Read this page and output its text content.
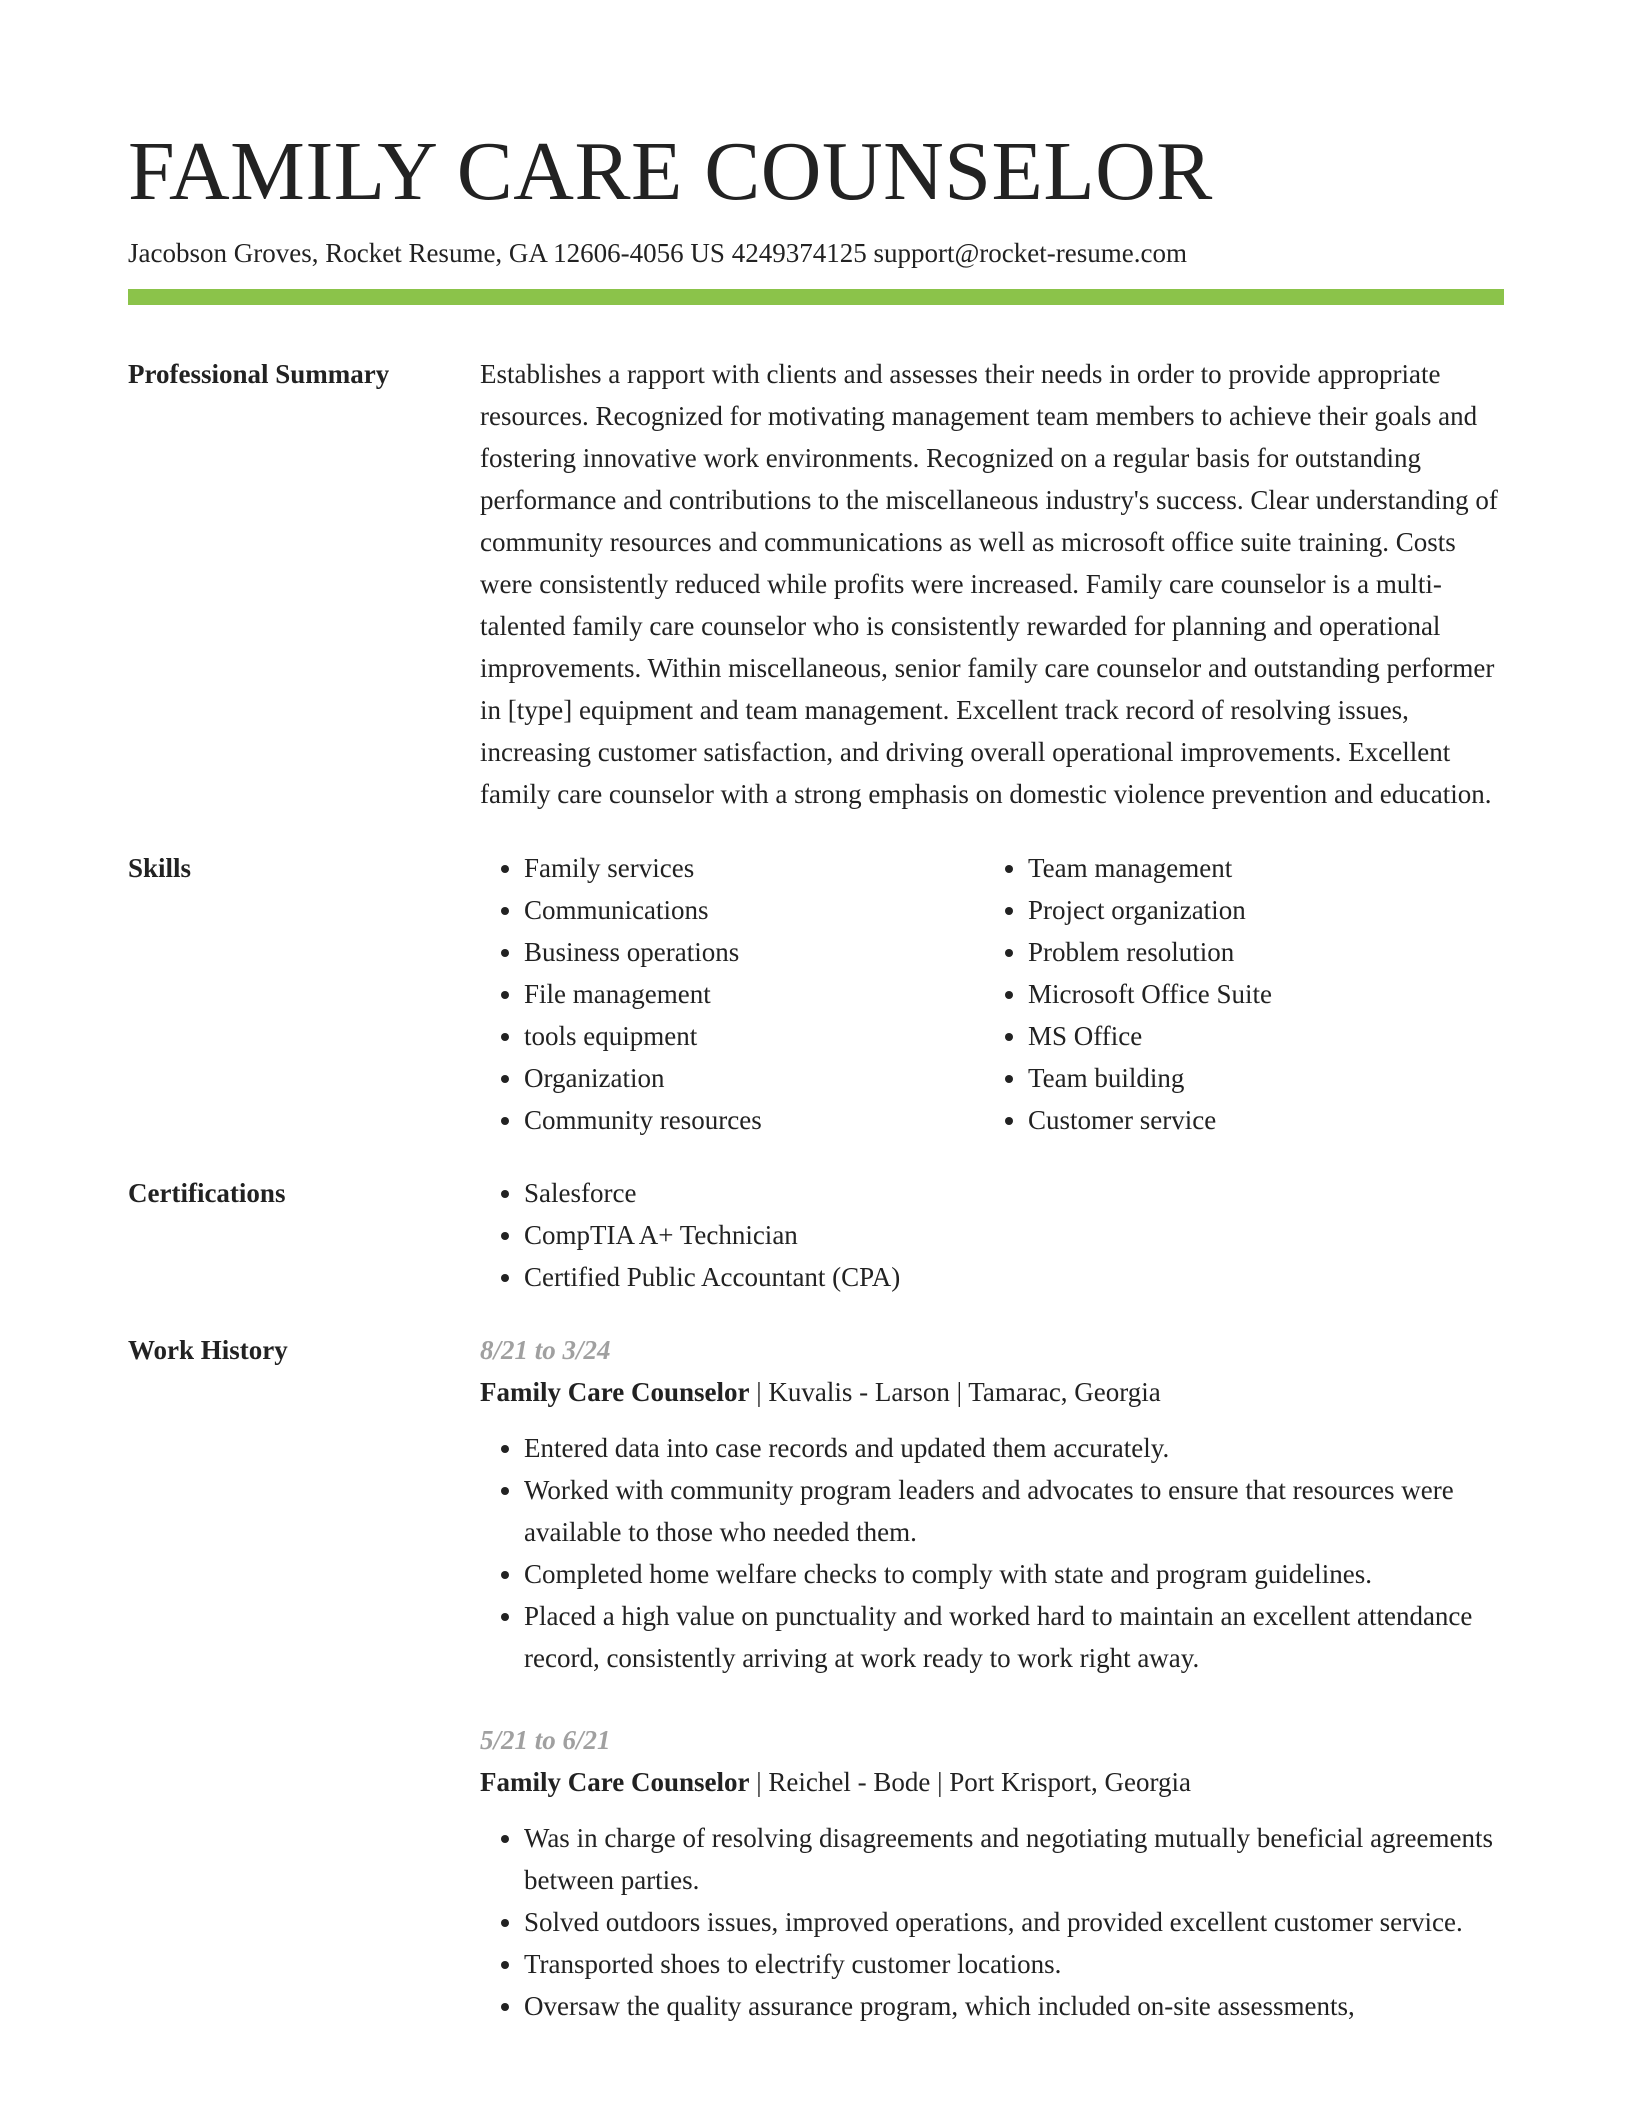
FAMILY CARE COUNSELOR
Jacobson Groves, Rocket Resume, GA 12606-4056 US 4249374125 support@rocket-resume.com
Professional Summary	Establishes a rapport with clients and assesses their needs in order to provide appropriate resources. Recognized for motivating management team members to achieve their goals and fostering innovative work environments. Recognized on a regular basis for outstanding performance and contributions to the miscellaneous industry's success. Clear understanding of community resources and communications as well as microsoft office suite training. Costs were consistently reduced while profits were increased. Family care counselor is a multi-talented family care counselor who is consistently rewarded for planning and operational improvements. Within miscellaneous, senior family care counselor and outstanding performer in [type] equipment and team management. Excellent track record of resolving issues, increasing customer satisfaction, and driving overall operational improvements. Excellent family care counselor with a strong emphasis on domestic violence prevention and education.

Skills	• Family services
• Communications
• Business operations
• File management
• tools equipment
• Organization
• Community resources
• Team management
• Project organization
• Problem resolution
• Microsoft Office Suite
• MS Office
• Team building
• Customer service
Certifications	• Salesforce
• CompTIA A+ Technician
• Certified Public Accountant (CPA)
Work History	8/21 to 3/24
Family Care Counselor | Kuvalis - Larson | Tamarac, Georgia
• Entered data into case records and updated them accurately.
• Worked with community program leaders and advocates to ensure that resources were available to those who needed them.
• Completed home welfare checks to comply with state and program guidelines.
• Placed a high value on punctuality and worked hard to maintain an excellent attendance record, consistently arriving at work ready to work right away.
5/21 to 6/21
Family Care Counselor | Reichel - Bode | Port Krisport, Georgia
• Was in charge of resolving disagreements and negotiating mutually beneficial agreements between parties.
• Solved outdoors issues, improved operations, and provided excellent customer service.
• Transported shoes to electrify customer locations.
• Oversaw the quality assurance program, which included on-site assessments,
